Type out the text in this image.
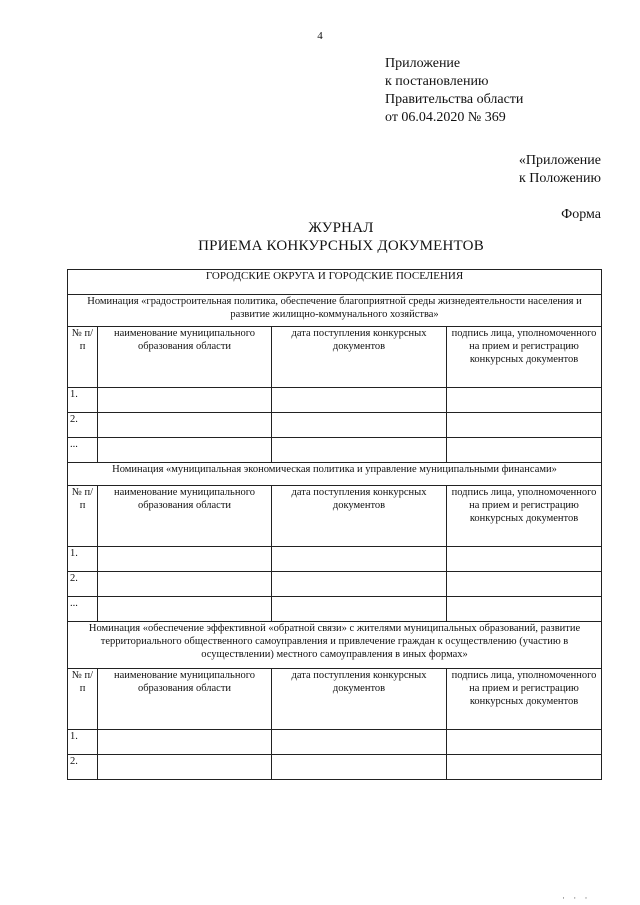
4
Приложение
к постановлению
Правительства области
от 06.04.2020 № 369
«Приложение
к Положению
Форма
ЖУРНАЛ
ПРИЕМА КОНКУРСНЫХ ДОКУМЕНТОВ
ГОРОДСКИЕ ОКРУГА И ГОРОДСКИЕ ПОСЕЛЕНИЯ			
Номинация «градостроительная политика, обеспечение благоприятной среды жизнедеятельности населения и развитие жилищно-коммунального хозяйства»			
№ п/п	наименование муниципального образования области	дата поступления конкурсных документов	подпись лица, уполномоченного на прием и регистрацию конкурсных документов
1.			
2.			
...			
Номинация «муниципальная экономическая политика и управление муниципальными финансами»			
№ п/п	наименование муниципального образования области	дата поступления конкурсных документов	подпись лица, уполномоченного на прием и регистрацию конкурсных документов
1.			
2.			
...			
Номинация «обеспечение эффективной «обратной связи» с жителями муниципальных образований, развитие территориального общественного самоуправления и привлечение граждан к осуществлению (участию в осуществлении) местного самоуправления в иных формах»			
№ п/п	наименование муниципального образования области	дата поступления конкурсных документов	подпись лица, уполномоченного на прием и регистрацию конкурсных документов
1.			
2.			
· · ·
